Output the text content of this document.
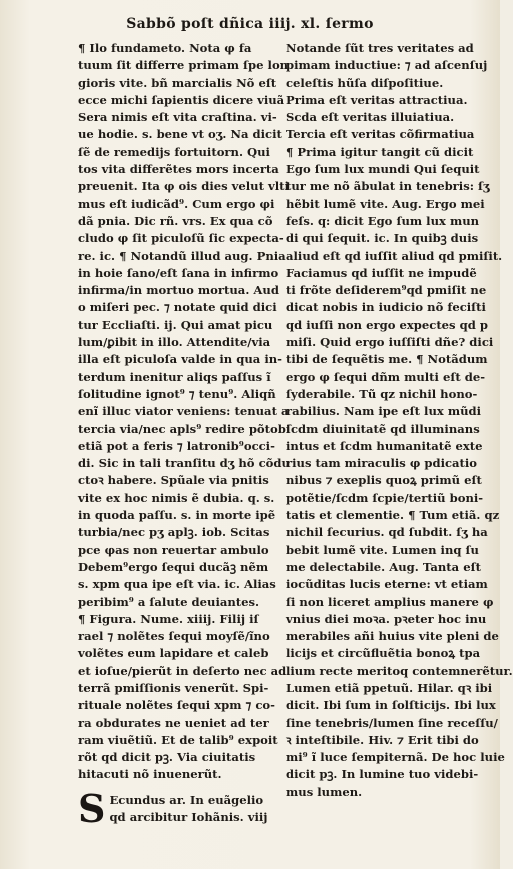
Sabbõ poſt dñica iiij. xl. ſermo
¶ Ilo fundameto. Nota φ fa
tuum ſit differre primam ſpe lon
gioris vite. bñ marcialis Nõ eſt
ecce michi ſapientis dicere viuã
Sera nimis eſt vita craſtina. vi-
ue hodie. s. bene vt oʒ. Na dicit
ſẽ de remedijs fortuitorn. Qui
tos vita differẽtes mors incerta
preuenit. Ita φ ois dies velut vlti
mus eſt iudicãd⁹. Cum ergo φi
dã pnia. Dic rñ. vrs. Ex qua cõ
cludo φ ſit piculoſũ ſic expecta-
re. ic. ¶ Notandũ illud aug. Pnia
in hoie ſano/eſt ſana in infirmo
infirma/in mortuo mortua. Aud
o miſeri pec. ⁊ notate quid dici
tur Eccliaſti. ij. Qui amat picu
lum/ꝑibit in illo. Attendite/via
illa eſt piculoſa valde in qua in-
terdum inenitur aliqs paſſus ĩ
ſolitudine ignot⁹ ⁊ tenu⁹. Aliqñ
enĩ illuc viator veniens: tenuat a
tercia via/nec apls⁹ redire põtobi
etiã pot a feris ⁊ latronib⁹occi-
di. Sic in tali tranſitu dʒ hõ cõdu
ctoꝛ habere. Spũale via pnitis
vite ex hoc nimis ẽ dubia. q. s.
in quoda paſſu. s. in morte ipẽ
turbia/nec pʒ aplꝫ. iob. Scitas
pce φas non reuertar ambulo
Debem⁹ergo ſequi ducãꝫ nẽm
s. xpm qua ipe eſt via. ic. Alias
peribim⁹ a ſalute deuiantes.
¶ Figura. Nume. xiiij. Filij iſ
rael ⁊ nolẽtes ſequi moyſẽ/ĩno
volẽtes eum lapidare et caleb
et ioſue/pierũt in deſerto nec ad
terrã pmiſſionis venerũt. Spi-
rituale nolẽtes ſequi xpm ⁊ co-
ra obdurates ne ueniet ad ter
ram viuẽtiũ. Et de talib⁹ expoit
rõt qd dicit pꝫ. Via ciuitatis
hitacuti nõ inuenerũt.
S Ecundus ar. In euãgelio
qd arcibitur Iohãnis. viij
Notande ſũt tres veritates ad
pimam inductiue: ⁊ ad aſcenſuj
celeſtis hũſa diſpoſitiue.
Prima eſt veritas attractiua.
Scda eſt veritas illuiatiua.
Tercia eſt veritas cõfirmatiua
¶ Prima igitur tangit cũ dicit
Ego ſum lux mundi Qui ſequit
tur me nõ ãbulat in tenebris: ſʒ
hẽbit lumẽ vite. Aug. Ergo mei
feſs. q: dicit Ego ſum lux mun
di qui ſequit. ic. In quibꝫ duis
aliud eſt qd iuſſit aliud qd pmiſit.
Faciamus qd iuſſit ne impudẽ
ti frõte deſiderem⁹qd pmiſit ne
dicat nobis in iudicio nõ feciſti
qd iuſſi non ergo expectes qd p
miſi. Quid ergo iuſſiſti dñe? dici
tibi de ſequẽtis me. ¶ Notãdum
ergo φ ſequi dñm multi eſt de-
ſyderabile. Tũ qz nichil hono-
rabilius. Nam ipe eſt lux mũdi
ſcdm diuinitatẽ qd illuminans
intus et ſcdm humanitatẽ exte
rius tam miraculis φ pdicatio
nibus ⁊ exeplis quoꝝ primũ eſt
potẽtie/ſcdm ſcpie/tertiũ boni-
tatis et clementie. ¶ Tum etiã. qz
nichil ſecurius. qd ſubdit. ſʒ ha
bebit lumẽ vite. Lumen inq ſu
me delectabile. Aug. Tanta eſt
iocũditas lucis eterne: vt etiam
ſi non liceret amplius manere φ
vnius diei moꝛa. pꝛeter hoc inu
merabiles añi huius vite pleni de
licijs et circũfluẽtia bonoꝝ tpa
lium recte meritoq contemnerẽtur.
Lumen etiã ppetuũ. Hilar. qꝛ ibi
dicit. Ibi ſum in ſolſticijs. Ibi lux
ſine tenebris/lumen ſine receſſu/
ꝛ inteſtibile. Hiv. ⁊ Erit tibi do
mi⁹ ĩ luce ſempiternã. De hoc luie
dicit pꝫ. In lumine tuo videbi-
mus lumen.
